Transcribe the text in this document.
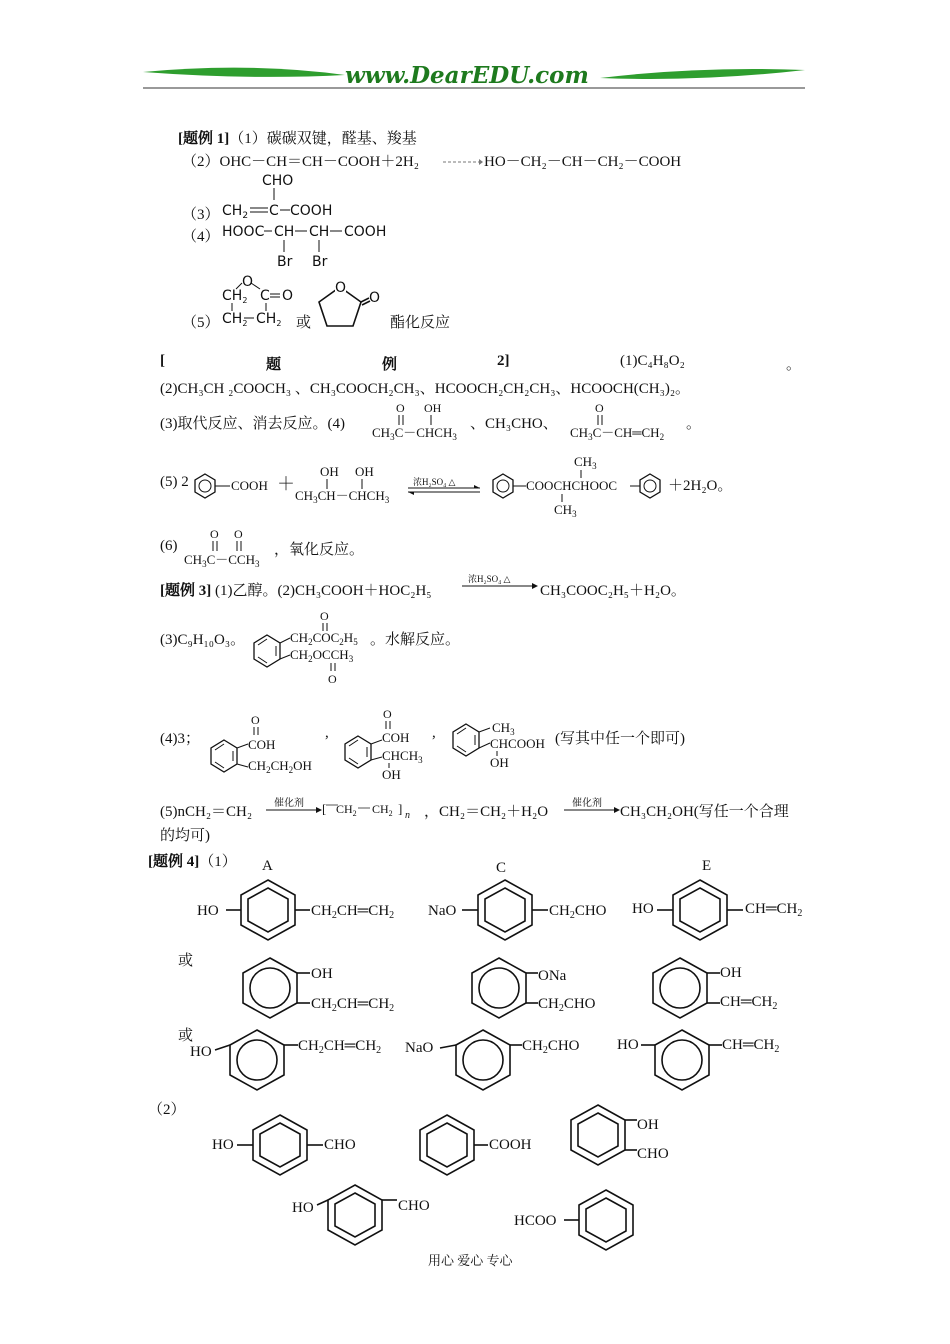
www.DearEDU.com
[题例 1]（1）碳碳双键，醛基、羧基
（2）OHC－CH＝CH－COOH＋2H₂	HO－CH₂－CH－CH₂－COOH
（3）
CHO
$CH_2$ C COOH
（4） HOOC CH CH COOH
Br Br
（5）
$CH_2$ C O
O
$CH_2$ $CH_2$ 或
O
O
酯化反应
[	题	例	2]	(1)C₄H₈O₂	。
(2)CH₃CH ₂COOCH₃ 、CH₃COOCH₂CH₃、HCOOCH₂CH₂CH₃、HCOOCH(CH₃)₂。
(3)取代反应、消去反应。(4)
O OH
$CH_3C-CHCH_3$
、CH₃CHO、
O
$CH_3C-CH═CH_2$
。
(5) 2	COOH ＋
OH OH
$CH_3CH-CHCH_3$
浓H₂SO₄ △	COOCHCHOOC
$CH_3$
$CH_3$
＋2H₂O。
(6)
O O
$CH_3C-CCH_3$
，氧化反应。
[题例 3] (1)乙醇。(2)CH₃COOH＋HOC₂H₅
浓H₂SO₄ △
CH₃COOC₂H₅＋H₂O。
(3)C₉H₁₀O₃。
O
$CH_2COC_2H_5$
$CH_2OCCH_3$
O
。水解反应。
(4)3；
O
COH
$CH_2CH_2OH$
,
O
COH
$CHCH_3$
OH
,	$CH_3$
CHCOOH
OH
(写其中任一个即可)
(5)nCH₂＝CH₂
催化剂 [ $CH_2$ $CH_2$ ] n ，CH₂＝CH₂＋H₂O
催化剂
CH₃CH₂OH(写任一个合理
的均可)
[题例 4]（1） A	C	E
HO	$CH_2CH═CH_2$ NaO	$CH_2CHO$ HO	$CH═CH_2$
OH
$CH_2CH═CH_2$
ONa
$CH_2CHO$
OH
$CH═CH_2$
HO	$CH_2CH═CH_2$ NaO	$CH_2CHO$ HO	$CH═CH_2$
HO	CHO	COOH
OH
CHO
HO	CHO
HCOO
或
或
（2）
用心 爱心 专心
